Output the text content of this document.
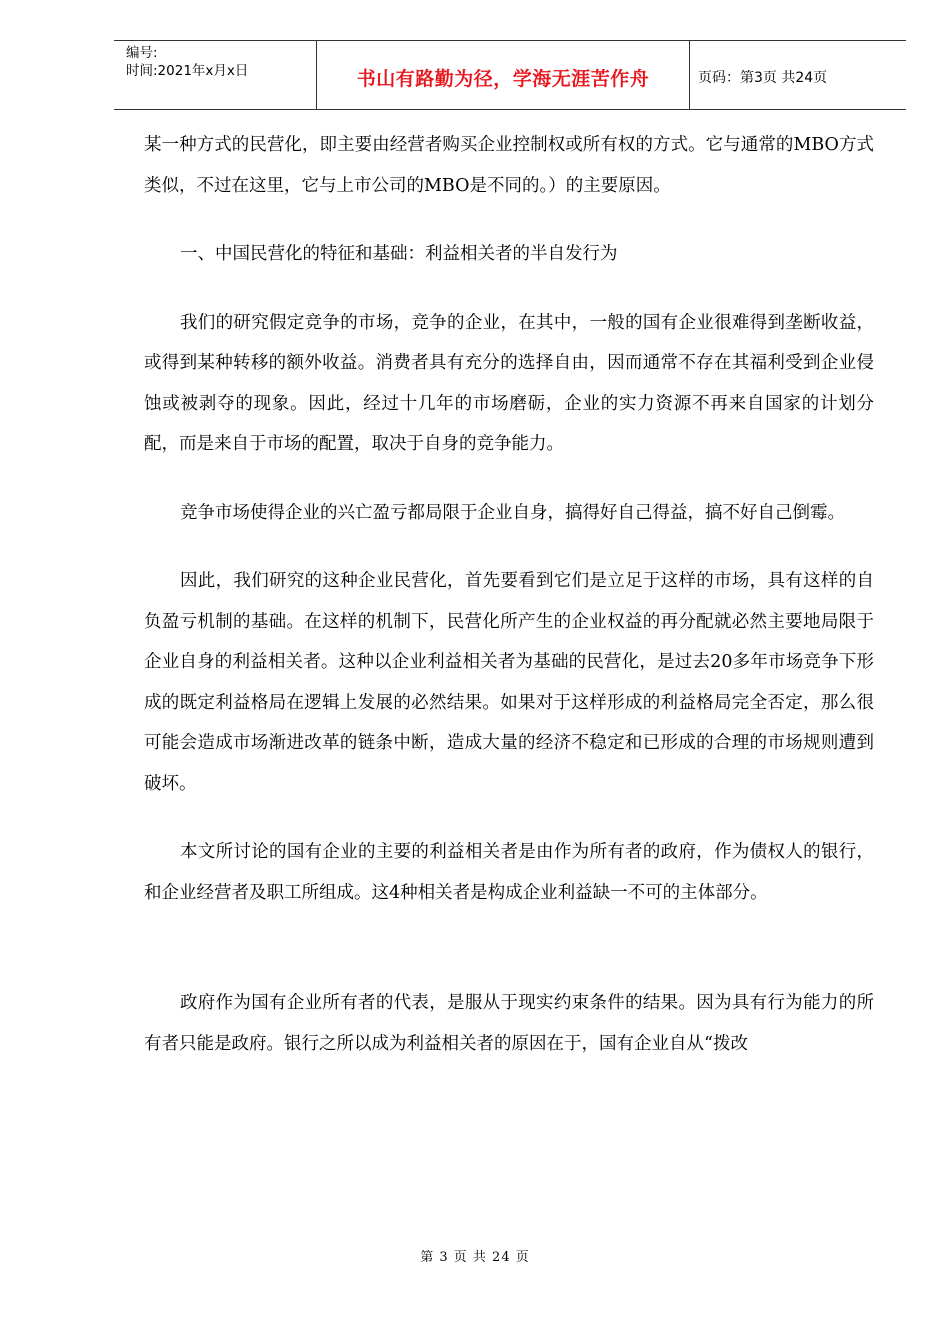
编号:
时间:2021年x月x日	书山有路勤为径，学海无涯苦作舟	页码：第3页 共24页

某一种方式的民营化，即主要由经营者购买企业控制权或所有权的方式。它与通常的MBO方式类似，不过在这里，它与上市公司的MBO是不同的。）的主要原因。

一、中国民营化的特征和基础：利益相关者的半自发行为

我们的研究假定竞争的市场，竞争的企业，在其中，一般的国有企业很难得到垄断收益，或得到某种转移的额外收益。消费者具有充分的选择自由，因而通常不存在其福利受到企业侵蚀或被剥夺的现象。因此，经过十几年的市场磨砺，企业的实力资源不再来自国家的计划分配，而是来自于市场的配置，取决于自身的竞争能力。

竞争市场使得企业的兴亡盈亏都局限于企业自身，搞得好自己得益，搞不好自己倒霉。

因此，我们研究的这种企业民营化，首先要看到它们是立足于这样的市场，具有这样的自负盈亏机制的基础。在这样的机制下，民营化所产生的企业权益的再分配就必然主要地局限于企业自身的利益相关者。这种以企业利益相关者为基础的民营化，是过去20多年市场竞争下形成的既定利益格局在逻辑上发展的必然结果。如果对于这样形成的利益格局完全否定，那么很可能会造成市场渐进改革的链条中断，造成大量的经济不稳定和已形成的合理的市场规则遭到破坏。

本文所讨论的国有企业的主要的利益相关者是由作为所有者的政府，作为债权人的银行，和企业经营者及职工所组成。这4种相关者是构成企业利益缺一不可的主体部分。

政府作为国有企业所有者的代表，是服从于现实约束条件的结果。因为具有行为能力的所有者只能是政府。银行之所以成为利益相关者的原因在于，国有企业自从“拨改

第 3 页 共 24 页
